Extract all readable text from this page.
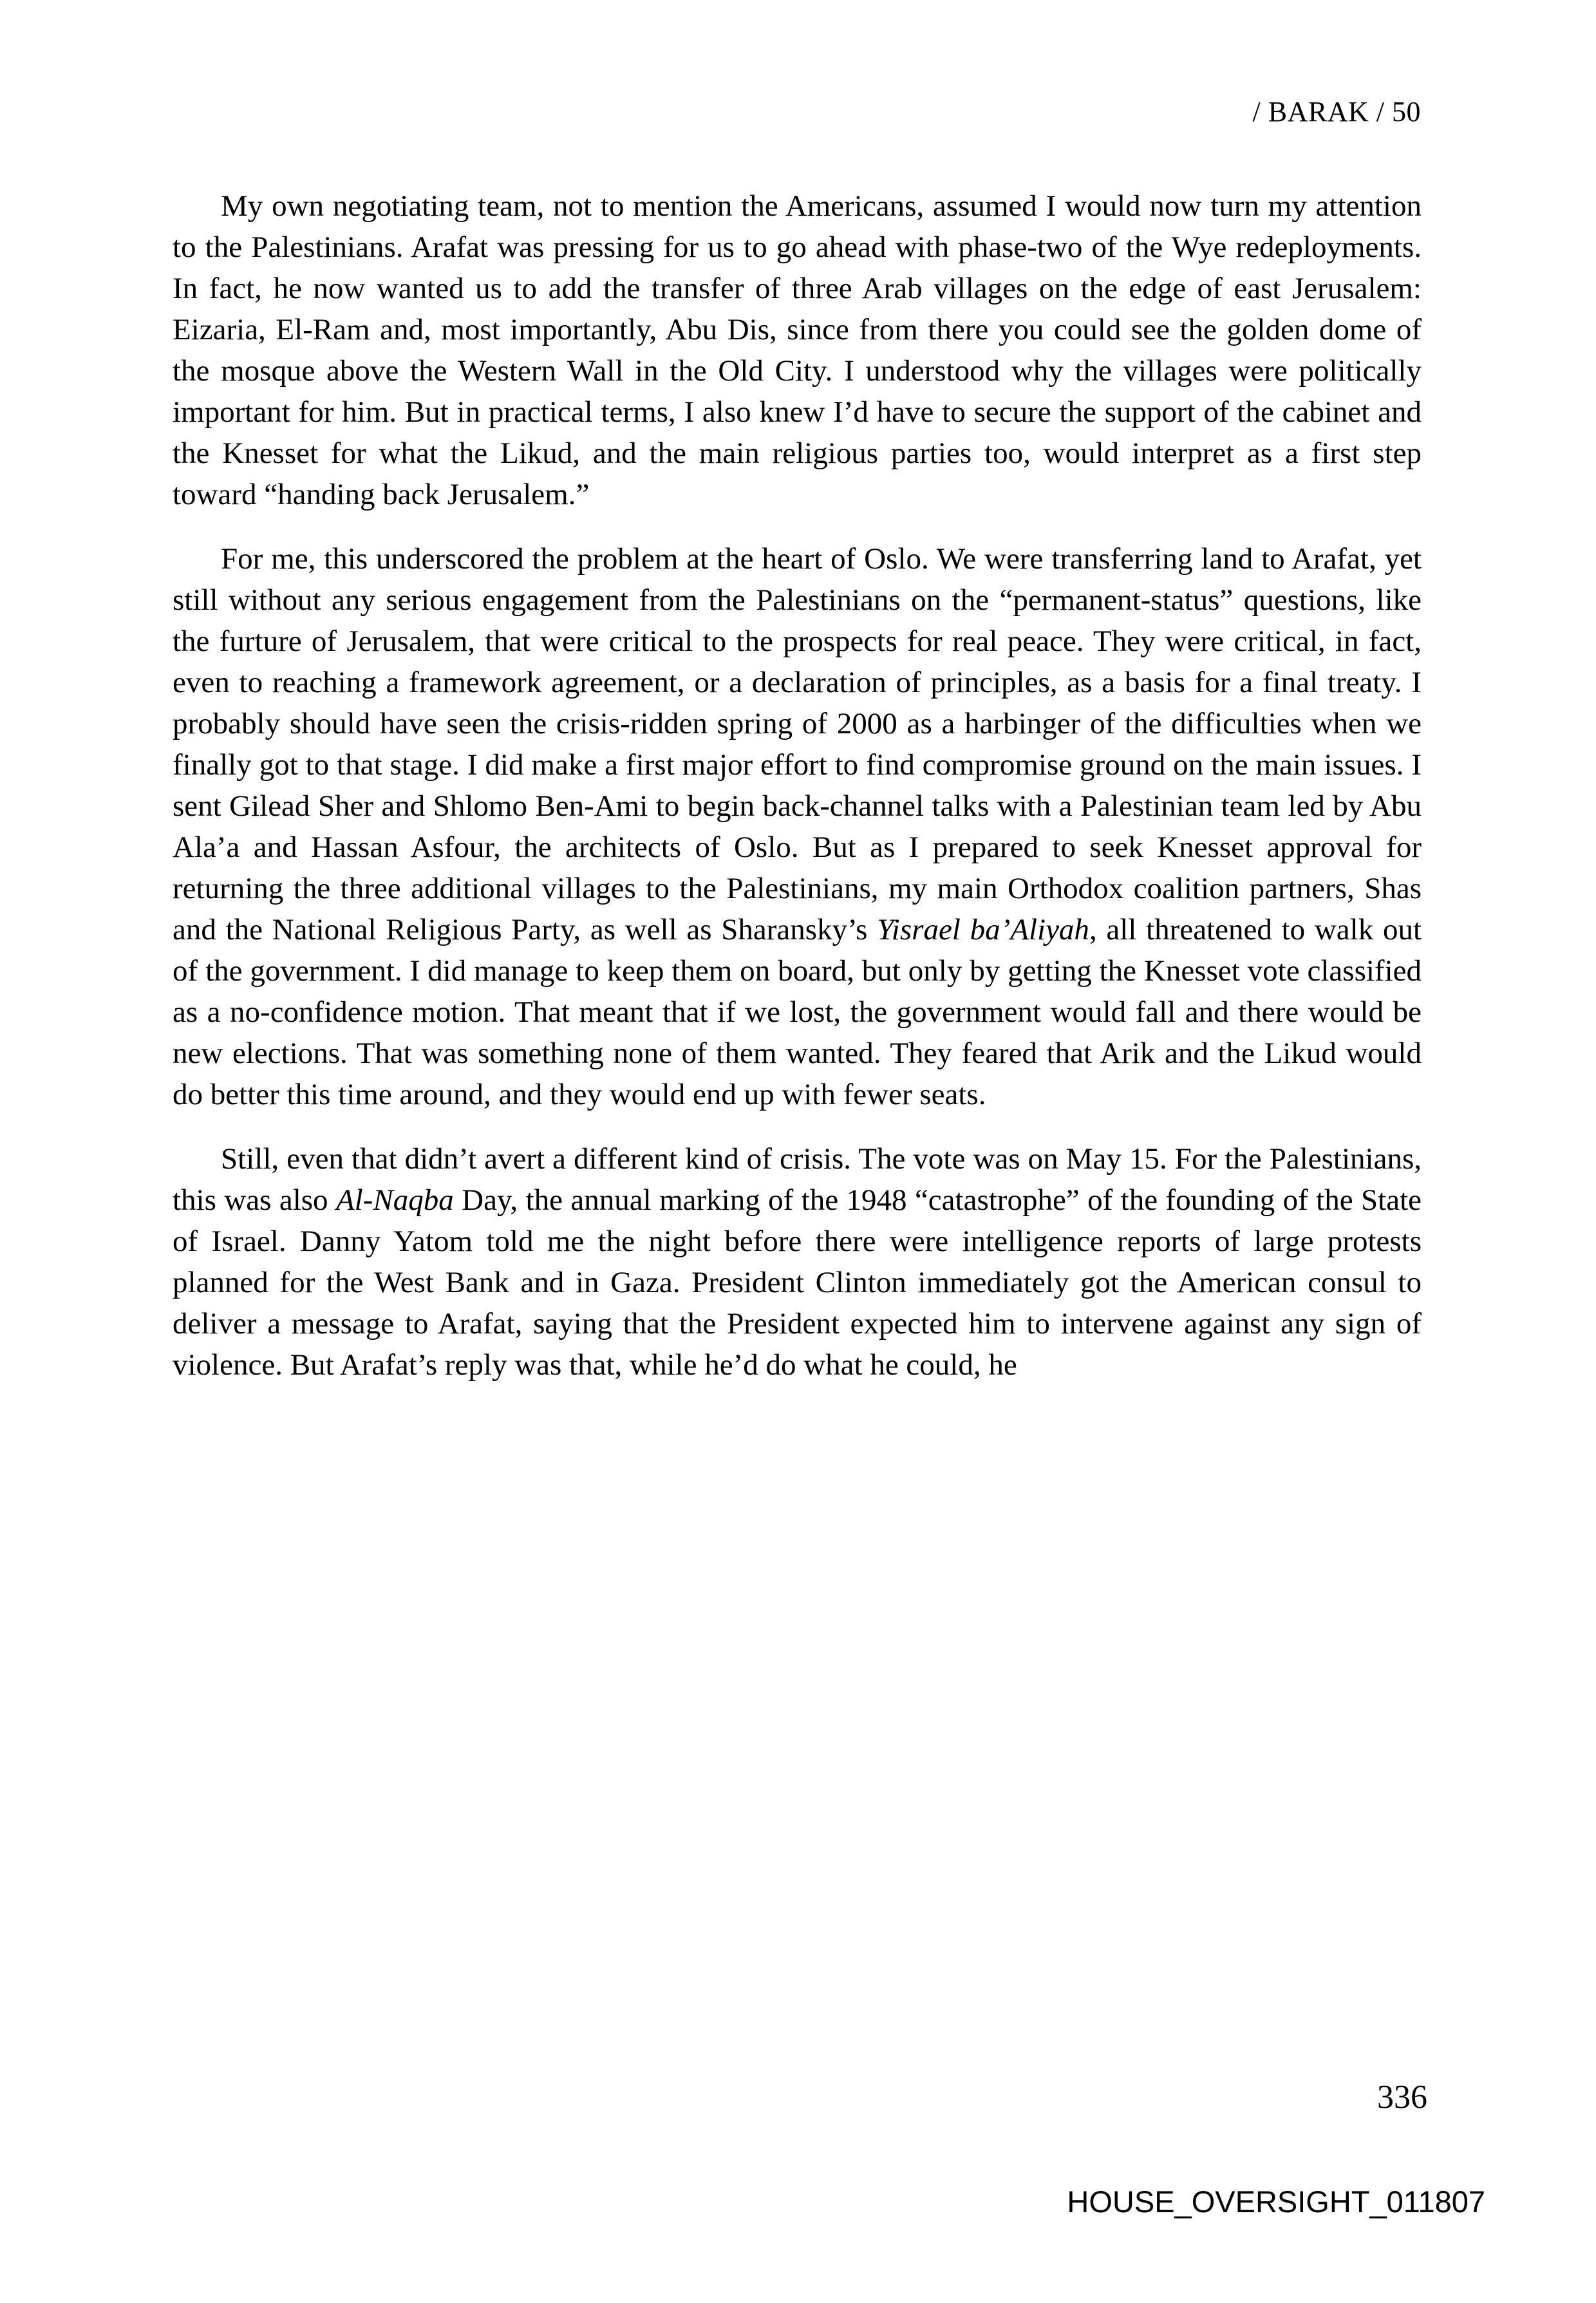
/ BARAK / 50

My own negotiating team, not to mention the Americans, assumed I would now turn my attention to the Palestinians. Arafat was pressing for us to go ahead with phase-two of the Wye redeployments. In fact, he now wanted us to add the transfer of three Arab villages on the edge of east Jerusalem: Eizaria, El-Ram and, most importantly, Abu Dis, since from there you could see the golden dome of the mosque above the Western Wall in the Old City. I understood why the villages were politically important for him. But in practical terms, I also knew I’d have to secure the support of the cabinet and the Knesset for what the Likud, and the main religious parties too, would interpret as a first step toward “handing back Jerusalem.”

For me, this underscored the problem at the heart of Oslo. We were transferring land to Arafat, yet still without any serious engagement from the Palestinians on the “permanent-status” questions, like the furture of Jerusalem, that were critical to the prospects for real peace. They were critical, in fact, even to reaching a framework agreement, or a declaration of principles, as a basis for a final treaty. I probably should have seen the crisis-ridden spring of 2000 as a harbinger of the difficulties when we finally got to that stage. I did make a first major effort to find compromise ground on the main issues. I sent Gilead Sher and Shlomo Ben-Ami to begin back-channel talks with a Palestinian team led by Abu Ala’a and Hassan Asfour, the architects of Oslo. But as I prepared to seek Knesset approval for returning the three additional villages to the Palestinians, my main Orthodox coalition partners, Shas and the National Religious Party, as well as Sharansky’s Yisrael ba’Aliyah, all threatened to walk out of the government. I did manage to keep them on board, but only by getting the Knesset vote classified as a no-confidence motion. That meant that if we lost, the government would fall and there would be new elections. That was something none of them wanted. They feared that Arik and the Likud would do better this time around, and they would end up with fewer seats.

Still, even that didn’t avert a different kind of crisis. The vote was on May 15. For the Palestinians, this was also Al-Naqba Day, the annual marking of the 1948 “catastrophe” of the founding of the State of Israel. Danny Yatom told me the night before there were intelligence reports of large protests planned for the West Bank and in Gaza. President Clinton immediately got the American consul to deliver a message to Arafat, saying that the President expected him to intervene against any sign of violence. But Arafat’s reply was that, while he’d do what he could, he

336
HOUSE_OVERSIGHT_011807
